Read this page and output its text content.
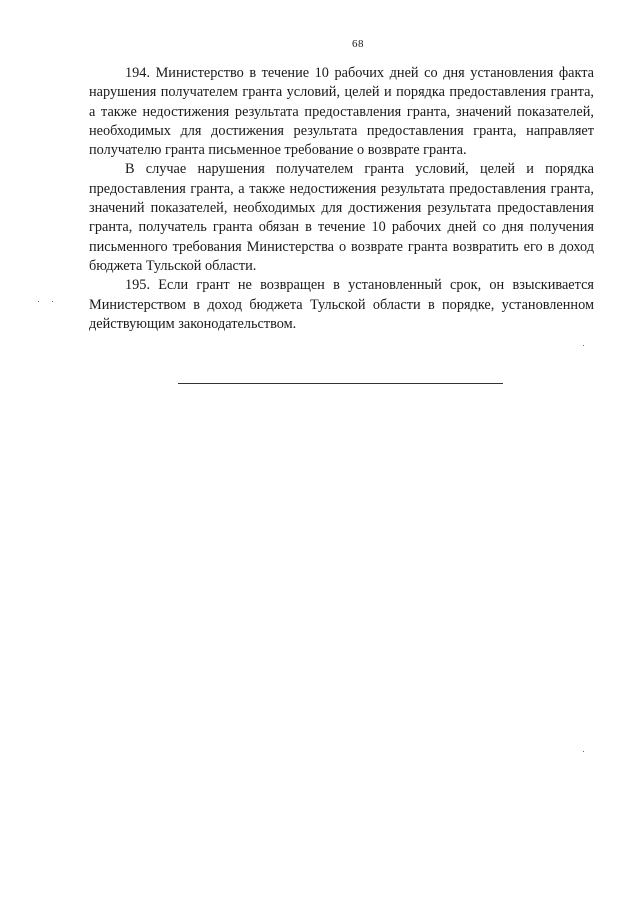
68

194. Министерство в течение 10 рабочих дней со дня установления факта нарушения получателем гранта условий, целей и порядка предоставления гранта, а также недостижения результата предоставления гранта, значений показателей, необходимых для достижения результата предоставления гранта, направляет получателю гранта письменное требование о возврате гранта.

В случае нарушения получателем гранта условий, целей и порядка предоставления гранта, а также недостижения результата предоставления гранта, значений показателей, необходимых для достижения результата предоставления гранта, получатель гранта обязан в течение 10 рабочих дней со дня получения письменного требования Министерства о возврате гранта возвратить его в доход бюджета Тульской области.

195. Если грант не возвращен в установленный срок, он взыскивается Министерством в доход бюджета Тульской области в порядке, установленном действующим законодательством.
